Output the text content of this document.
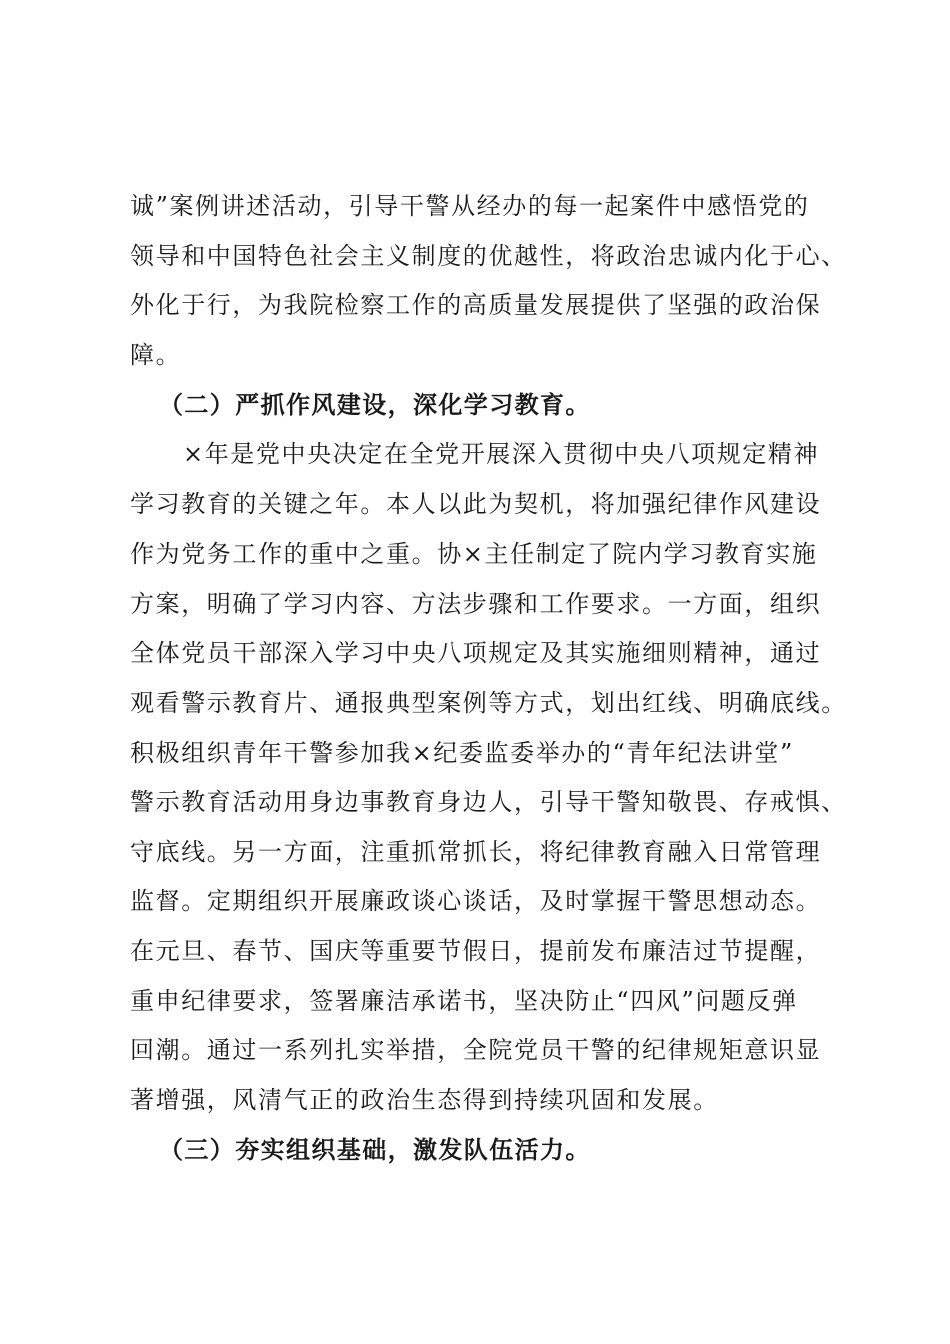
诚”案例讲述活动，引导干警从经办的每一起案件中感悟党的
领导和中国特色社会主义制度的优越性，将政治忠诚内化于心、
外化于行，为我院检察工作的高质量发展提供了坚强的政治保
障。
（二）严抓作风建设，深化学习教育。
×年是党中央决定在全党开展深入贯彻中央八项规定精神
学习教育的关键之年。本人以此为契机，将加强纪律作风建设
作为党务工作的重中之重。协×主任制定了院内学习教育实施
方案，明确了学习内容、方法步骤和工作要求。一方面，组织
全体党员干部深入学习中央八项规定及其实施细则精神，通过
观看警示教育片、通报典型案例等方式，划出红线、明确底线。
积极组织青年干警参加我×纪委监委举办的“青年纪法讲堂”
警示教育活动用身边事教育身边人，引导干警知敬畏、存戒惧、
守底线。另一方面，注重抓常抓长，将纪律教育融入日常管理
监督。定期组织开展廉政谈心谈话，及时掌握干警思想动态。
在元旦、春节、国庆等重要节假日，提前发布廉洁过节提醒，
重申纪律要求，签署廉洁承诺书，坚决防止“四风”问题反弹
回潮。通过一系列扎实举措，全院党员干警的纪律规矩意识显
著增强，风清气正的政治生态得到持续巩固和发展。
（三）夯实组织基础，激发队伍活力。
